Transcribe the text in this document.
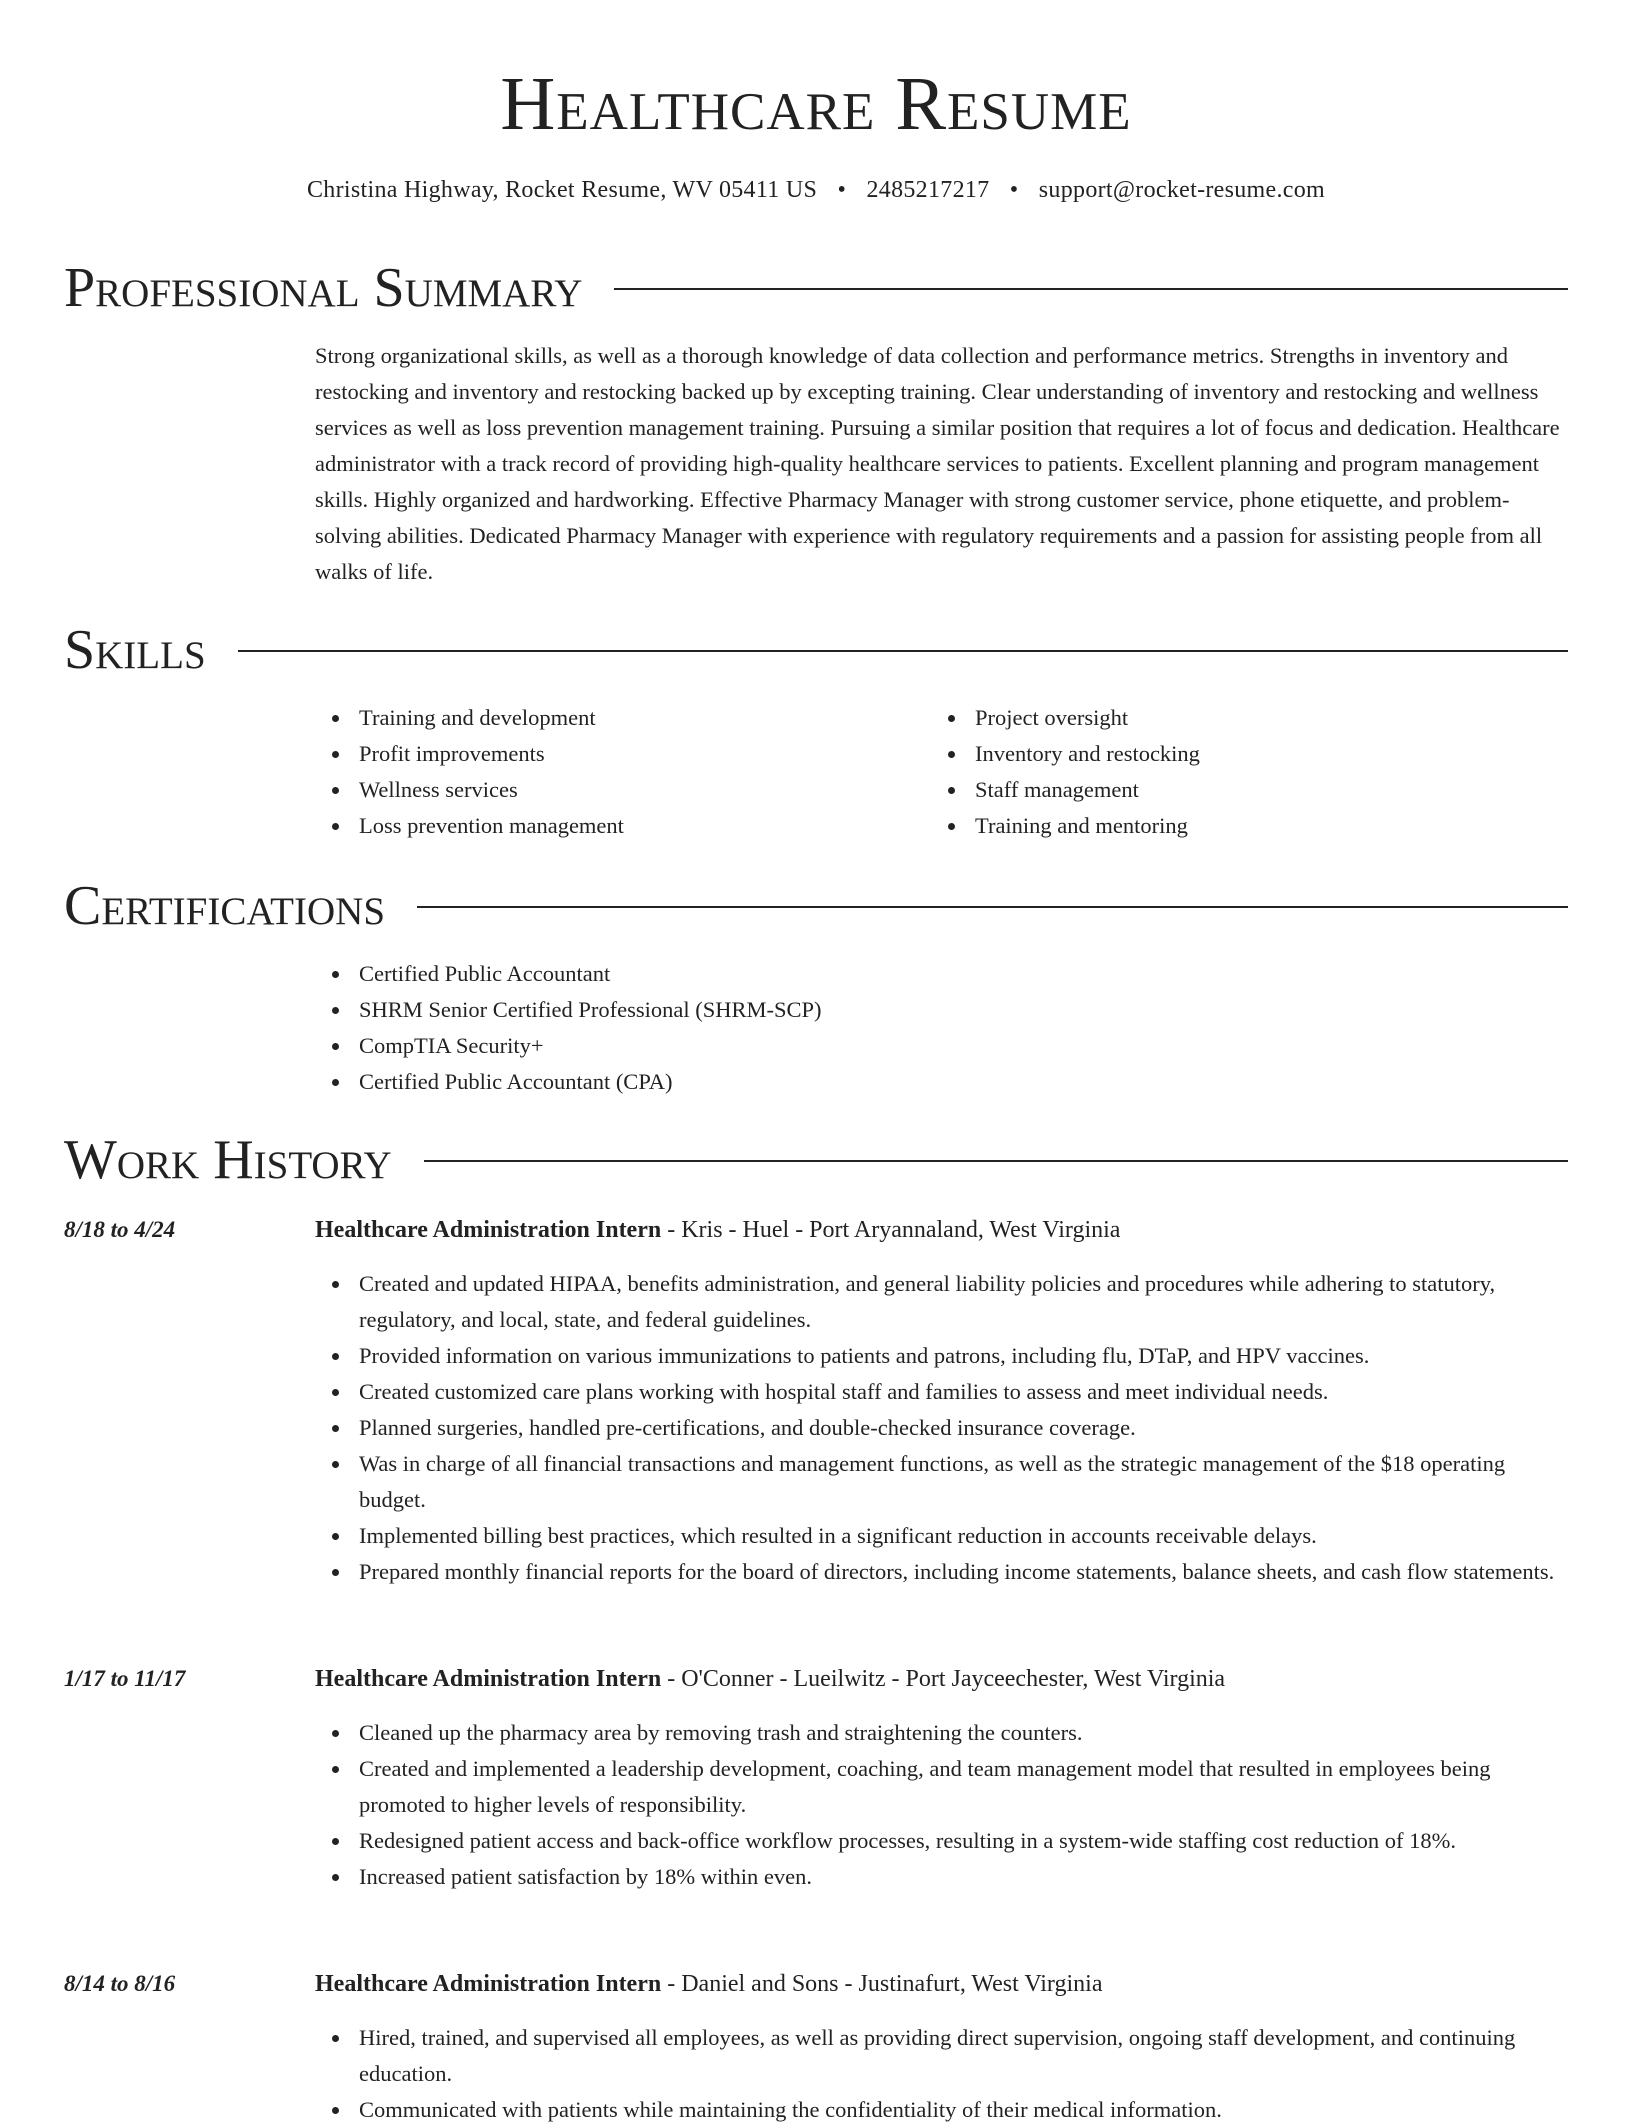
Healthcare Resume
Christina Highway, Rocket Resume, WV 05411 US • 2485217217 • support@rocket-resume.com
Professional Summary
Strong organizational skills, as well as a thorough knowledge of data collection and performance metrics. Strengths in inventory and restocking and inventory and restocking backed up by excepting training. Clear understanding of inventory and restocking and wellness services as well as loss prevention management training. Pursuing a similar position that requires a lot of focus and dedication. Healthcare administrator with a track record of providing high-quality healthcare services to patients. Excellent planning and program management skills. Highly organized and hardworking. Effective Pharmacy Manager with strong customer service, phone etiquette, and problem-solving abilities. Dedicated Pharmacy Manager with experience with regulatory requirements and a passion for assisting people from all walks of life.
Skills
Training and development
Profit improvements
Wellness services
Loss prevention management
Project oversight
Inventory and restocking
Staff management
Training and mentoring
Certifications
Certified Public Accountant
SHRM Senior Certified Professional (SHRM-SCP)
CompTIA Security+
Certified Public Accountant (CPA)
Work History
8/18 to 4/24	Healthcare Administration Intern - Kris - Huel - Port Aryannaland, West Virginia
Created and updated HIPAA, benefits administration, and general liability policies and procedures while adhering to statutory, regulatory, and local, state, and federal guidelines.
Provided information on various immunizations to patients and patrons, including flu, DTaP, and HPV vaccines.
Created customized care plans working with hospital staff and families to assess and meet individual needs.
Planned surgeries, handled pre-certifications, and double-checked insurance coverage.
Was in charge of all financial transactions and management functions, as well as the strategic management of the $18 operating budget.
Implemented billing best practices, which resulted in a significant reduction in accounts receivable delays.
Prepared monthly financial reports for the board of directors, including income statements, balance sheets, and cash flow statements.
1/17 to 11/17	Healthcare Administration Intern - O'Conner - Lueilwitz - Port Jayceechester, West Virginia
Cleaned up the pharmacy area by removing trash and straightening the counters.
Created and implemented a leadership development, coaching, and team management model that resulted in employees being promoted to higher levels of responsibility.
Redesigned patient access and back-office workflow processes, resulting in a system-wide staffing cost reduction of 18%.
Increased patient satisfaction by 18% within even.
8/14 to 8/16	Healthcare Administration Intern - Daniel and Sons - Justinafurt, West Virginia
Hired, trained, and supervised all employees, as well as providing direct supervision, ongoing staff development, and continuing education.
Communicated with patients while maintaining the confidentiality of their medical information.
